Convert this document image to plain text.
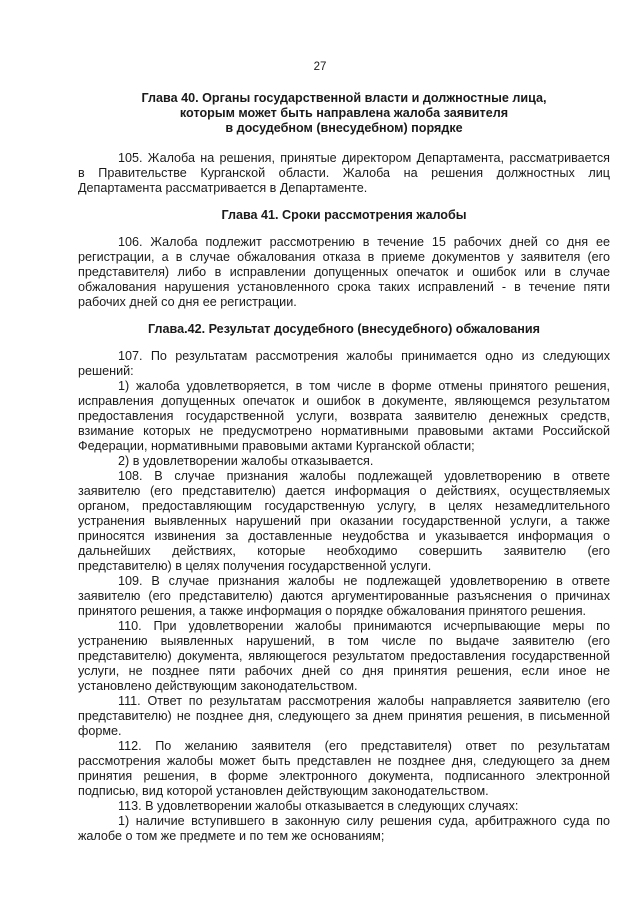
27

Глава 40. Органы государственной власти и должностные лица,

которым может быть направлена жалоба заявителя

в досудебном (внесудебном) порядке

105. Жалоба на решения, принятые директором Департамента, рассматривается
в Правительстве Курганской области. Жалоба на решения должностных лиц
Департамента рассматривается в Департаменте.

Глава 41. Сроки рассмотрения жалобы

106. Жалоба подлежит рассмотрению в течение 15 рабочих дней со дня ее
регистрации, а в случае обжалования отказа в приеме документов у заявителя (его
представителя) либо в исправлении допущенных опечаток и ошибок или в случае
обжалования нарушения установленного срока таких исправлений - в течение пяти
рабочих дней со дня ее регистрации.

Глава.42. Результат досудебного (внесудебного) обжалования

107. По результатам рассмотрения жалобы принимается одно из следующих
решений:
1) жалоба удовлетворяется, в том числе в форме отмены принятого решения,
исправления допущенных опечаток и ошибок в документе, являющемся результатом
предоставления государственной услуги, возврата заявителю денежных средств,
взимание которых не предусмотрено нормативными правовыми актами Российской
Федерации, нормативными правовыми актами Курганской области;
2) в удовлетворении жалобы отказывается.
108. В случае признания жалобы подлежащей удовлетворению в ответе
заявителю (его представителю) дается информация о действиях, осуществляемых
органом, предоставляющим государственную услугу, в целях незамедлительного
устранения выявленных нарушений при оказании государственной услуги, а также
приносятся извинения за доставленные неудобства и указывается информация о
дальнейших действиях, которые необходимо совершить заявителю (его
представителю) в целях получения государственной услуги.
109. В случае признания жалобы не подлежащей удовлетворению в ответе
заявителю (его представителю) даются аргументированные разъяснения о причинах
принятого решения, а также информация о порядке обжалования принятого решения.
110. При удовлетворении жалобы принимаются исчерпывающие меры по
устранению выявленных нарушений, в том числе по выдаче заявителю (его
представителю) документа, являющегося результатом предоставления государственной
услуги, не позднее пяти рабочих дней со дня принятия решения, если иное не
установлено действующим законодательством.
111. Ответ по результатам рассмотрения жалобы направляется заявителю (его
представителю) не позднее дня, следующего за днем принятия решения, в письменной
форме.
112. По желанию заявителя (его представителя) ответ по результатам
рассмотрения жалобы может быть представлен не позднее дня, следующего за днем
принятия решения, в форме электронного документа, подписанного электронной
подписью, вид которой установлен действующим законодательством.
113. В удовлетворении жалобы отказывается в следующих случаях:
1) наличие вступившего в законную силу решения суда, арбитражного суда по
жалобе о том же предмете и по тем же основаниям;
